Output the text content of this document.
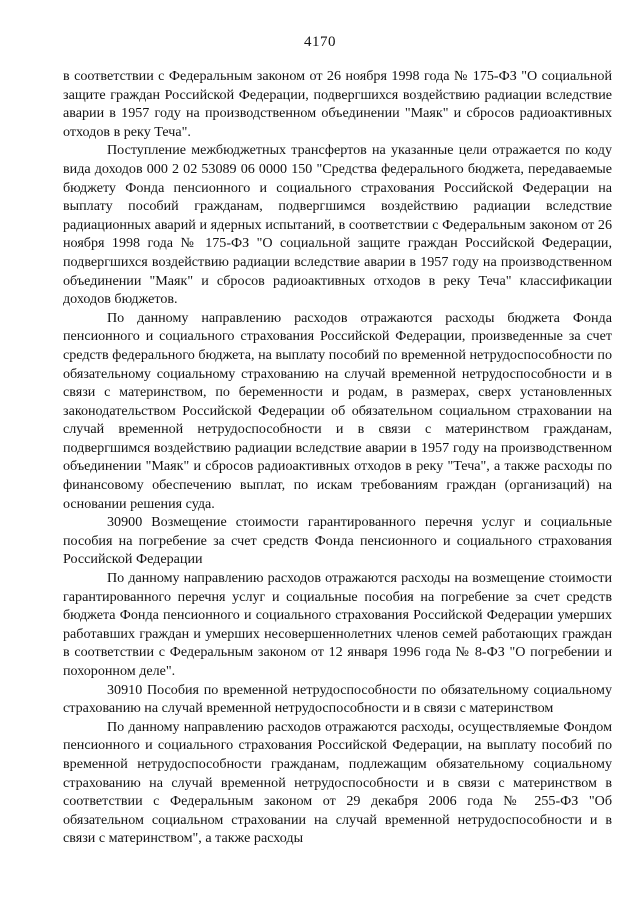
4170

в соответствии с Федеральным законом от 26 ноября 1998 года № 175-ФЗ "О социальной защите граждан Российской Федерации, подвергшихся воздействию радиации вследствие аварии в 1957 году на производственном объединении "Маяк" и сбросов радиоактивных отходов в реку Теча".

Поступление межбюджетных трансфертов на указанные цели отражается по коду вида доходов 000 2 02 53089 06 0000 150 "Средства федерального бюджета, передаваемые бюджету Фонда пенсионного и социального страхования Российской Федерации на выплату пособий гражданам, подвергшимся воздействию радиации вследствие радиационных аварий и ядерных испытаний, в соответствии с Федеральным законом от 26 ноября 1998 года № 175-ФЗ "О социальной защите граждан Российской Федерации, подвергшихся воздействию радиации вследствие аварии в 1957 году на производственном объединении "Маяк" и сбросов радиоактивных отходов в реку Теча" классификации доходов бюджетов.

По данному направлению расходов отражаются расходы бюджета Фонда пенсионного и социального страхования Российской Федерации, произведенные за счет средств федерального бюджета, на выплату пособий по временной нетрудоспособности по обязательному социальному страхованию на случай временной нетрудоспособности и в связи с материнством, по беременности и родам, в размерах, сверх установленных законодательством Российской Федерации об обязательном социальном страховании на случай временной нетрудоспособности и в связи с материнством гражданам, подвергшимся воздействию радиации вследствие аварии в 1957 году на производственном объединении "Маяк" и сбросов радиоактивных отходов в реку "Теча", а также расходы по финансовому обеспечению выплат, по искам требованиям граждан (организаций) на основании решения суда.

30900 Возмещение стоимости гарантированного перечня услуг и социальные пособия на погребение за счет средств Фонда пенсионного и социального страхования Российской Федерации

По данному направлению расходов отражаются расходы на возмещение стоимости гарантированного перечня услуг и социальные пособия на погребение за счет средств бюджета Фонда пенсионного и социального страхования Российской Федерации умерших работавших граждан и умерших несовершеннолетних членов семей работающих граждан в соответствии с Федеральным законом от 12 января 1996 года № 8-ФЗ "О погребении и похоронном деле".

30910 Пособия по временной нетрудоспособности по обязательному социальному страхованию на случай временной нетрудоспособности и в связи с материнством

По данному направлению расходов отражаются расходы, осуществляемые Фондом пенсионного и социального страхования Российской Федерации, на выплату пособий по временной нетрудоспособности гражданам, подлежащим обязательному социальному страхованию на случай временной нетрудоспособности и в связи с материнством в соответствии с Федеральным законом от 29 декабря 2006 года № 255-ФЗ "Об обязательном социальном страховании на случай временной нетрудоспособности и в связи с материнством", а также расходы
